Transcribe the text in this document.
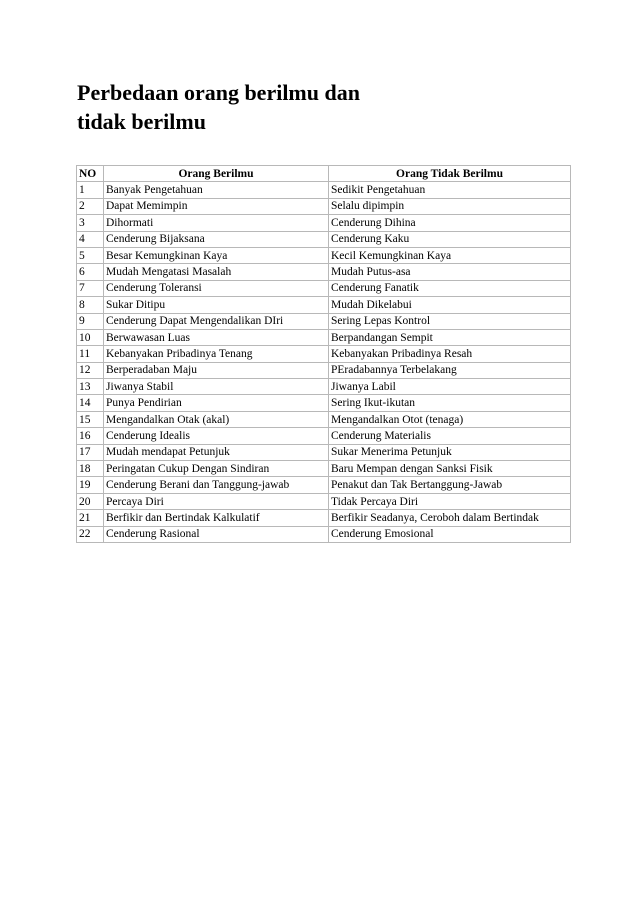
Perbedaan orang berilmu dan
tidak berilmu
NO	Orang Berilmu	Orang Tidak Berilmu
1	Banyak Pengetahuan	Sedikit Pengetahuan
2	Dapat Memimpin	Selalu dipimpin
3	Dihormati	Cenderung Dihina
4	Cenderung Bijaksana	Cenderung Kaku
5	Besar Kemungkinan Kaya	Kecil Kemungkinan Kaya
6	Mudah Mengatasi Masalah	Mudah Putus-asa
7	Cenderung Toleransi	Cenderung Fanatik
8	Sukar Ditipu	Mudah Dikelabui
9	Cenderung Dapat Mengendalikan DIri	Sering Lepas Kontrol
10	Berwawasan Luas	Berpandangan Sempit
11	Kebanyakan Pribadinya Tenang	Kebanyakan Pribadinya Resah
12	Berperadaban Maju	PEradabannya Terbelakang
13	Jiwanya Stabil	Jiwanya Labil
14	Punya Pendirian	Sering Ikut-ikutan
15	Mengandalkan Otak (akal)	Mengandalkan Otot (tenaga)
16	Cenderung Idealis	Cenderung Materialis
17	Mudah mendapat Petunjuk	Sukar Menerima Petunjuk
18	Peringatan Cukup Dengan Sindiran	Baru Mempan dengan Sanksi Fisik
19	Cenderung Berani dan Tanggung-jawab	Penakut dan Tak Bertanggung-Jawab
20	Percaya Diri	Tidak Percaya Diri
21	Berfikir dan Bertindak Kalkulatif	Berfikir Seadanya, Ceroboh dalam Bertindak
22	Cenderung Rasional	Cenderung Emosional
